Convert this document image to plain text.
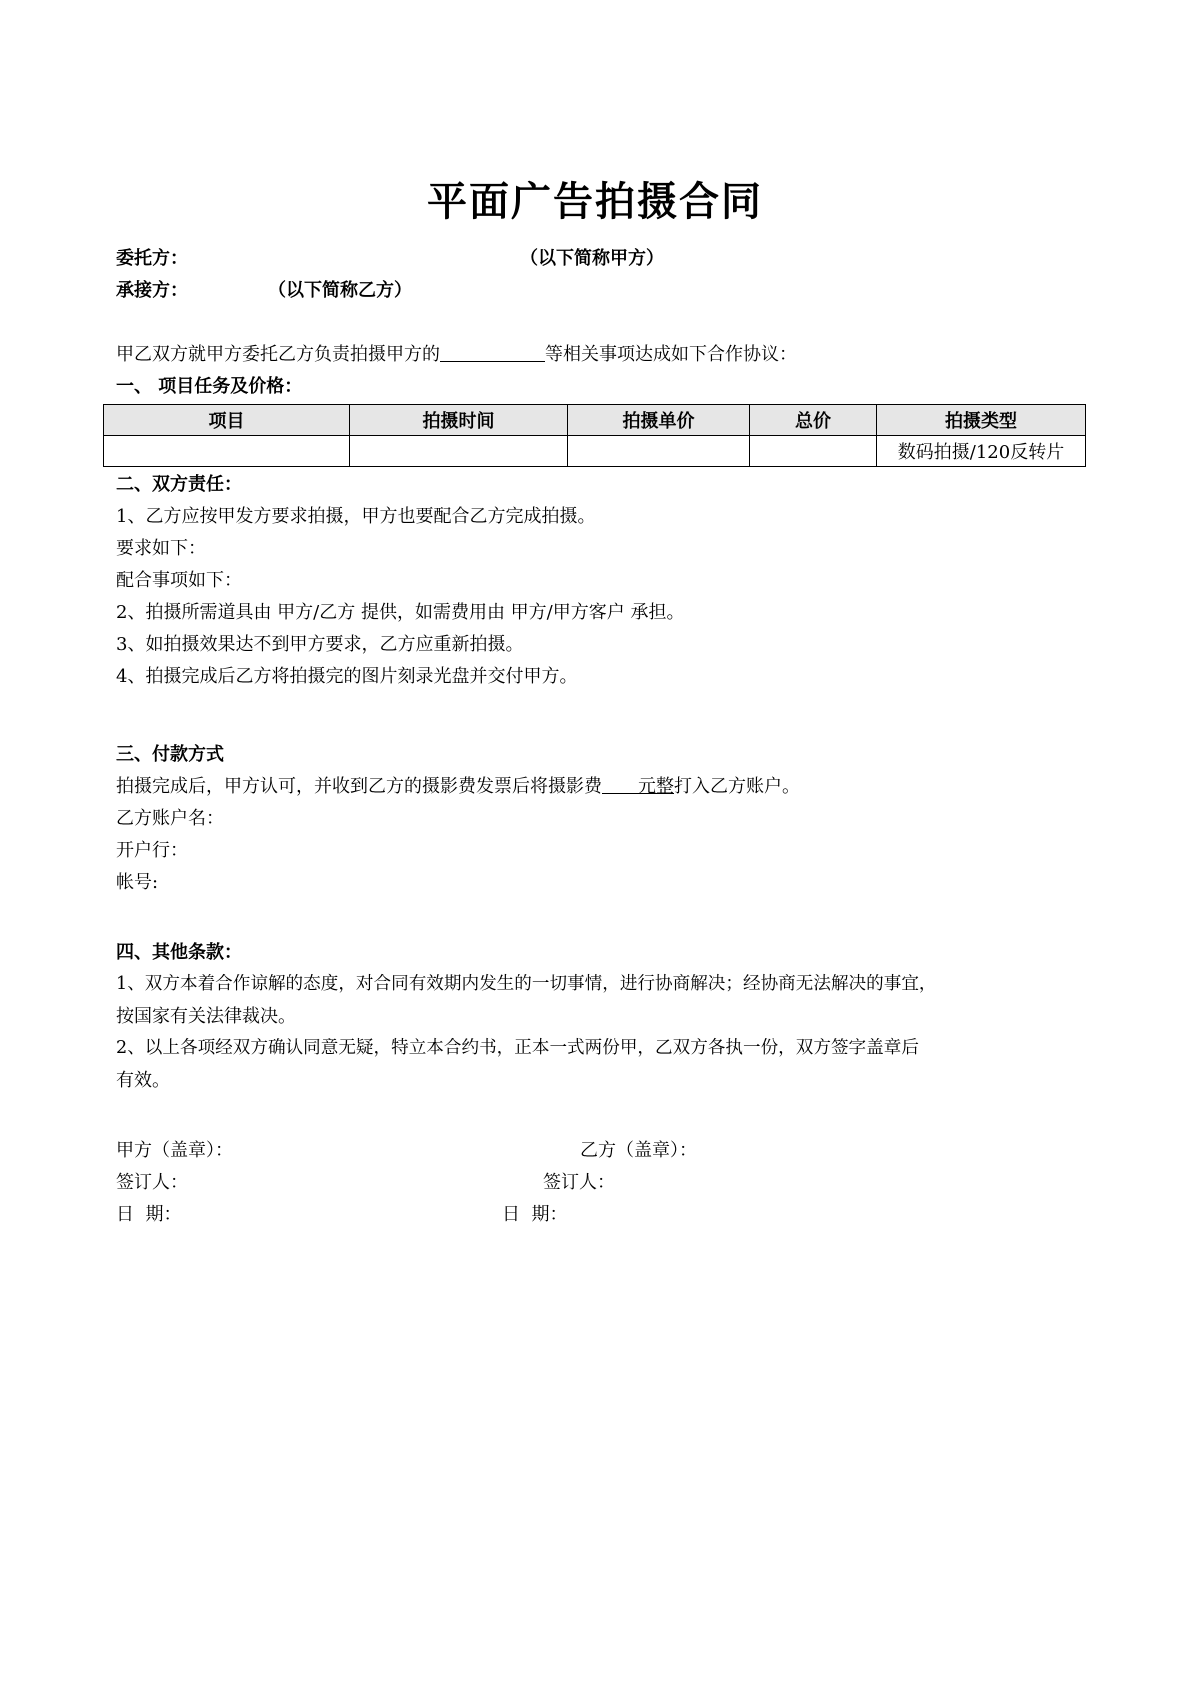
平面广告拍摄合同
委托方：	（以下简称甲方）
承接方：	（以下简称乙方）
甲乙双方就甲方委托乙方负责拍摄甲方的	等相关事项达成如下合作协议：
一、 项目任务及价格：
项目	拍摄时间	拍摄单价	总价	拍摄类型
				数码拍摄/120反转片
二、双方责任：
1、乙方应按甲发方要求拍摄，甲方也要配合乙方完成拍摄。
要求如下：
配合事项如下：
2、拍摄所需道具由 甲方/乙方 提供，如需费用由 甲方/甲方客户 承担。
3、如拍摄效果达不到甲方要求，乙方应重新拍摄。
4、拍摄完成后乙方将拍摄完的图片刻录光盘并交付甲方。
三、付款方式
拍摄完成后，甲方认可，并收到乙方的摄影费发票后将摄影费 元整打入乙方账户。
乙方账户名：
开户行：
帐号:
四、其他条款：
1、双方本着合作谅解的态度，对合同有效期内发生的一切事情，进行协商解决；经协商无法解决的事宜，
按国家有关法律裁决。
2、以上各项经双方确认同意无疑，特立本合约书，正本一式两份甲，乙双方各执一份，双方签字盖章后
有效。
甲方（盖章）：	乙方（盖章）：
签订人：	签订人：
日  期：	日  期：
